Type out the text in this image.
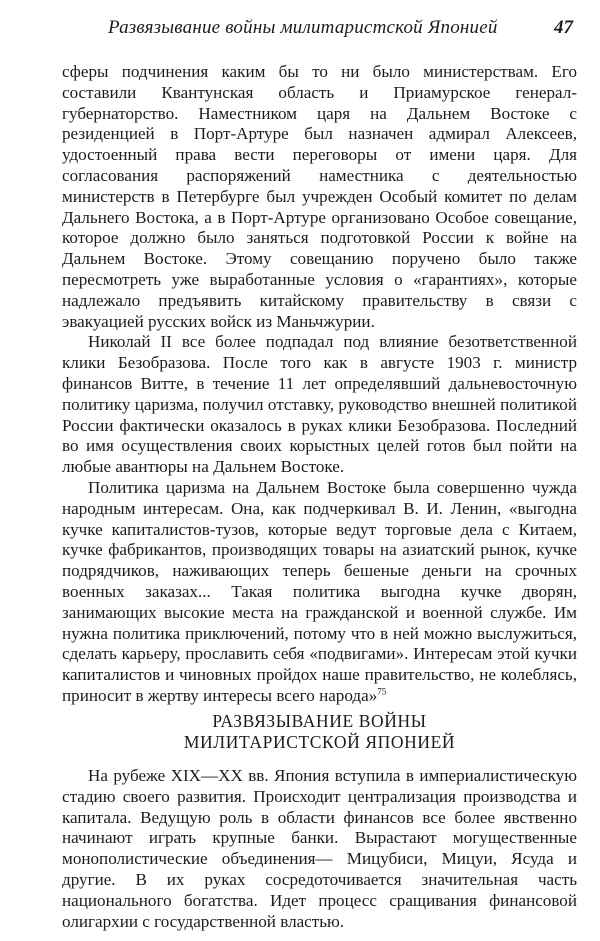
Развязывание войны милитаристской Японией	47

сферы подчинения каким бы то ни было министерствам. Его составили Квантунская область и Приамурское генерал-губернаторство. Наместником царя на Дальнем Востоке с резиденцией в Порт-Артуре был назначен адмирал Алексеев, удостоенный права вести переговоры от имени царя. Для согласования распоряжений наместника с деятельностью министерств в Петербурге был учрежден Особый комитет по делам Дальнего Востока, а в Порт-Артуре организовано Особое совещание, которое должно было заняться подготовкой России к войне на Дальнем Востоке. Этому совещанию поручено было также пересмотреть уже выработанные условия о «гарантиях», которые надлежало предъявить китайскому правительству в связи с эвакуацией русских войск из Маньчжурии.

Николай II все более подпадал под влияние безответственной клики Безобразова. После того как в августе 1903 г. министр финансов Витте, в течение 11 лет определявший дальневосточную политику царизма, получил отставку, руководство внешней политикой России фактически оказалось в руках клики Безобразова. Последний во имя осуществления своих корыстных целей готов был пойти на любые авантюры на Дальнем Востоке.

Политика царизма на Дальнем Востоке была совершенно чужда народным интересам. Она, как подчеркивал В. И. Ленин, «выгодна кучке капиталистов-тузов, которые ведут торговые дела с Китаем, кучке фабрикантов, производящих товары на азиатский рынок, кучке подрядчиков, наживающих теперь бешеные деньги на срочных военных заказах... Такая политика выгодна кучке дворян, занимающих высокие места на гражданской и военной службе. Им нужна политика приключений, потому что в ней можно выслужиться, сделать карьеру, прославить себя «подвигами». Интересам этой кучки капиталистов и чиновных пройдох наше правительство, не колеблясь, приносит в жертву интересы всего народа»$^{75}$

РАЗВЯЗЫВАНИЕ ВОЙНЫ
МИЛИТАРИСТСКОЙ ЯПОНИЕЙ

На рубеже XIX—XX вв. Япония вступила в империалистическую стадию своего развития. Происходит централизация производства и капитала. Ведущую роль в области финансов все более явственно начинают играть крупные банки. Вырастают могущественные монополистические объединения— Мицубиси, Мицуи, Ясуда и другие. В их руках сосредоточивается значительная часть национального богатства. Идет процесс сращивания финансовой олигархии с государственной властью.
